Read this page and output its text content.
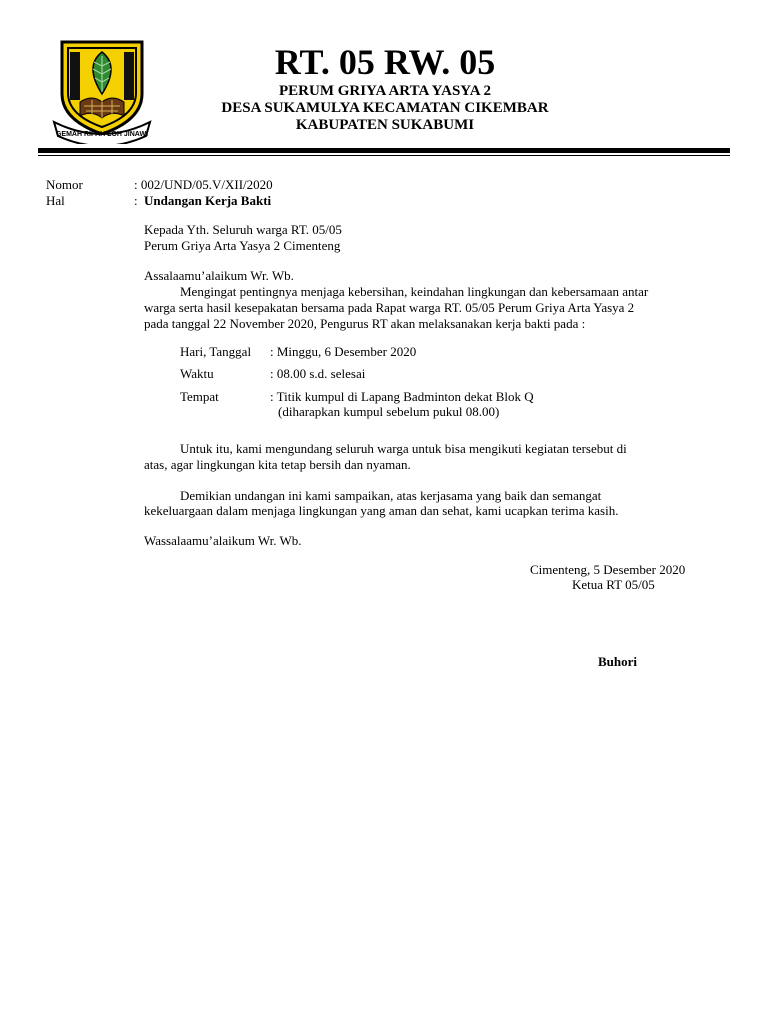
GEMAH RIPAH LOH JINAWI
RT. 05 RW. 05
PERUM GRIYA ARTA YASYA 2
DESA SUKAMULYA KECAMATAN CIKEMBAR
KABUPATEN SUKABUMI
Nomor	: 002/UND/05.V/XII/2020
Hal	: Undangan Kerja Bakti
Kepada Yth. Seluruh warga RT. 05/05
Perum Griya Arta Yasya 2 Cimenteng
Assalaamu’alaikum Wr. Wb.
Mengingat pentingnya menjaga kebersihan, keindahan lingkungan dan kebersamaan antar
warga serta hasil kesepakatan bersama pada Rapat warga RT. 05/05 Perum Griya Arta Yasya 2
pada tanggal 22 November 2020, Pengurus RT akan melaksanakan kerja bakti pada :
Hari, Tanggal : Minggu, 6 Desember 2020
Waktu	: 08.00 s.d. selesai
Tempat	: Titik kumpul di Lapang Badminton dekat Blok Q
(diharapkan kumpul sebelum pukul 08.00)
Untuk itu, kami mengundang seluruh warga untuk bisa mengikuti kegiatan tersebut di
atas, agar lingkungan kita tetap bersih dan nyaman.
Demikian undangan ini kami sampaikan, atas kerjasama yang baik dan semangat
kekeluargaan dalam menjaga lingkungan yang aman dan sehat, kami ucapkan terima kasih.
Wassalaamu’alaikum Wr. Wb.
Cimenteng, 5 Desember 2020
Ketua RT 05/05
Buhori
